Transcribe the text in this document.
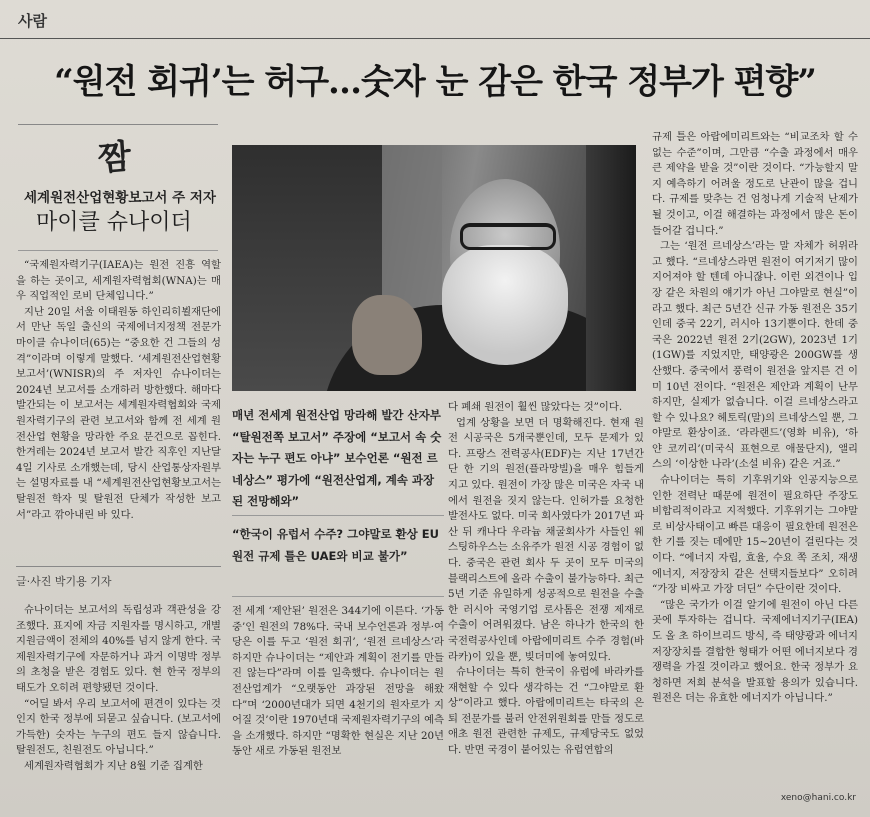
사람
“원전 회귀’는 허구…숫자 눈 감은 한국 정부가 편향”
짬
세계원전산업현황보고서 주 저자
마이클 슈나이더

“국제원자력기구(IAEA)는 원전 진흥 역할을 하는 곳이고, 세계원자력협회(WNA)는 매우 직업적인 로비 단체입니다.”

지난 20일 서울 이태원동 하인리히뵐재단에서 만난 독일 출신의 국제에너지정책 전문가 마이클 슈나이더(65)는 “중요한 건 그들의 성격”이라며 이렇게 말했다. ‘세계원전산업현황보고서’(WNISR)의 주 저자인 슈나이더는 2024년 보고서를 소개하러 방한했다. 해마다 발간되는 이 보고서는 세계원자력협회와 국제원자력기구의 관련 보고서와 함께 전 세계 원전산업 현황을 망라한 주요 문건으로 꼽힌다. 한겨레는 2024년 보고서 발간 직후인 지난달 4일 기사로 소개했는데, 당시 산업통상자원부는 설명자료를 내 “세계원전산업현황보고서는 탈원전 학자 및 탈원전 단체가 작성한 보고서”라고 깎아내린 바 있다.

글·사진 박기용 기자

슈나이더는 보고서의 독립성과 객관성을 강조했다. 표지에 자금 지원자를 명시하고, 개별 지원금액이 전체의 40%를 넘지 않게 한다. 국제원자력기구에 자문하거나 과거 이명박 정부의 초청을 받은 경험도 있다. 현 한국 정부의 태도가 오히려 편향됐던 것이다.

“어딜 봐서 우리 보고서에 편견이 있다는 것인지 한국 정부에 되묻고 싶습니다. (보고서에 가득한) 숫자는 누구의 편도 들지 않습니다. 탈원전도, 친원전도 아닙니다.”

세계원자력협회가 지난 8월 기준 집계한

매년 전세계 원전산업 망라해 발간 산자부 “탈원전쪽 보고서” 주장에 “보고서 속 숫자는 누구 편도 아냐” 보수언론 “원전 르네상스” 평가에 “원전산업계, 계속 과장된 전망해와”
“한국이 유럽서 수주? 그야말로 환상 EU 원전 규제 틀은 UAE와 비교 불가”

전 세계 ‘제안된’ 원전은 344기에 이른다. ‘가동 중’인 원전의 78%다. 국내 보수언론과 정부·여당은 이를 두고 ‘원전 회귀’, ‘원전 르네상스’라 하지만 슈나이더는 “제안과 계획이 전기를 만들진 않는다”라며 이를 일축했다. 슈나이더는 원전산업계가 “오랫동안 과장된 전망을 해왔다”며 ‘2000년대가 되면 4천기의 원자로가 지어질 것’이란 1970년대 국제원자력기구의 예측을 소개했다. 하지만 “명확한 현실은 지난 20년 동안 새로 가동된 원전보

다 폐쇄 원전이 훨씬 많았다는 것”이다.

업계 상황을 보면 더 명확해진다. 현재 원전 시공국은 5개국뿐인데, 모두 문제가 있다. 프랑스 전력공사(EDF)는 지난 17년간 단 한 기의 원전(플라망빌)을 매우 힘들게 지고 있다. 원전이 가장 많은 미국은 자국 내에서 원전을 짓지 않는다. 인허가를 요청한 발전사도 없다. 미국 회사였다가 2017년 파산 뒤 캐나다 우라늄 채굴회사가 사들인 웨스팅하우스는 소유주가 원전 시공 경험이 없다. 중국은 관련 회사 두 곳이 모두 미국의 블랙리스트에 올라 수출이 불가능하다. 최근 5년 기준 유일하게 성공적으로 원전을 수출한 러시아 국영기업 로사톰은 전쟁 제재로 수출이 어려워졌다. 남은 하나가 한국의 한국전력공사인데 아랍에미리트 수주 경험(바라카)이 있을 뿐, 빚더미에 놓여있다.

슈나이더는 특히 한국이 유럽에 바라카를 재현할 수 있다 생각하는 건 “그야말로 환상”이라고 했다. 아랍에미리트는 타국의 은퇴 전문가를 불러 안전위원회를 만들 정도로 애초 원전 관련한 규제도, 규제당국도 없었다. 반면 국경이 붙어있는 유럽연합의

규제 틀은 아랍에미리트와는 “비교조차 할 수 없는 수준”이며, 그만큼 “수출 과정에서 매우 큰 제약을 받을 것”이란 것이다. “가능할지 말지 예측하기 어려울 정도로 난관이 많을 겁니다. 규제를 맞추는 건 엄청나게 기술적 난제가 될 것이고, 이걸 해결하는 과정에서 많은 돈이 들어갈 겁니다.”

그는 ‘원전 르네상스’라는 말 자체가 허위라고 했다. “르네상스라면 원전이 여기저기 많이 지어져야 할 텐데 아니잖나. 이런 외견이나 입장 같은 차원의 얘기가 아닌 그야말로 현실”이라고 했다. 최근 5년간 신규 가동 원전은 35기인데 중국 22기, 러시아 13기뿐이다. 한데 중국은 2022년 원전 2기(2GW), 2023년 1기(1GW)를 지었지만, 태양광은 200GW를 생산했다. 중국에서 풍력이 원전을 앞지른 건 이미 10년 전이다. “원전은 제안과 계획이 난무하지만, 실제가 없습니다. 이걸 르네상스라고 할 수 있나요? 헤토릭(말)의 르네상스일 뿐, 그야말로 환상이죠. ‘라라랜드’(영화 비유), ‘하얀 코끼리’(미국식 표현으로 애물단지), 앨리스의 ‘이상한 나라’(소설 비유) 같은 거죠.”

슈나이더는 특히 기후위기와 인공지능으로 인한 전력난 때문에 원전이 필요하단 주장도 비합리적이라고 지적했다. 기후위기는 그야말로 비상사태이고 빠른 대응이 필요한데 원전은 한 기를 짓는 데에만 15~20년이 걸린다는 것이다. “에너지 자립, 효율, 수요 쪽 조치, 재생에너지, 저장장치 같은 선택지들보다” 오히려 “가장 비싸고 가장 더딘” 수단이란 것이다.

“많은 국가가 이걸 알기에 원전이 아닌 다른 곳에 투자하는 겁니다. 국제에너지기구(IEA)도 올 초 하이브리드 방식, 즉 태양광과 에너지저장장치를 결합한 형태가 어떤 에너지보다 경쟁력을 가질 것이라고 했어요. 한국 정부가 요청하면 저희 분석을 발표할 용의가 있습니다. 원전은 더는 유효한 에너지가 아닙니다.”

xeno@hani.co.kr
